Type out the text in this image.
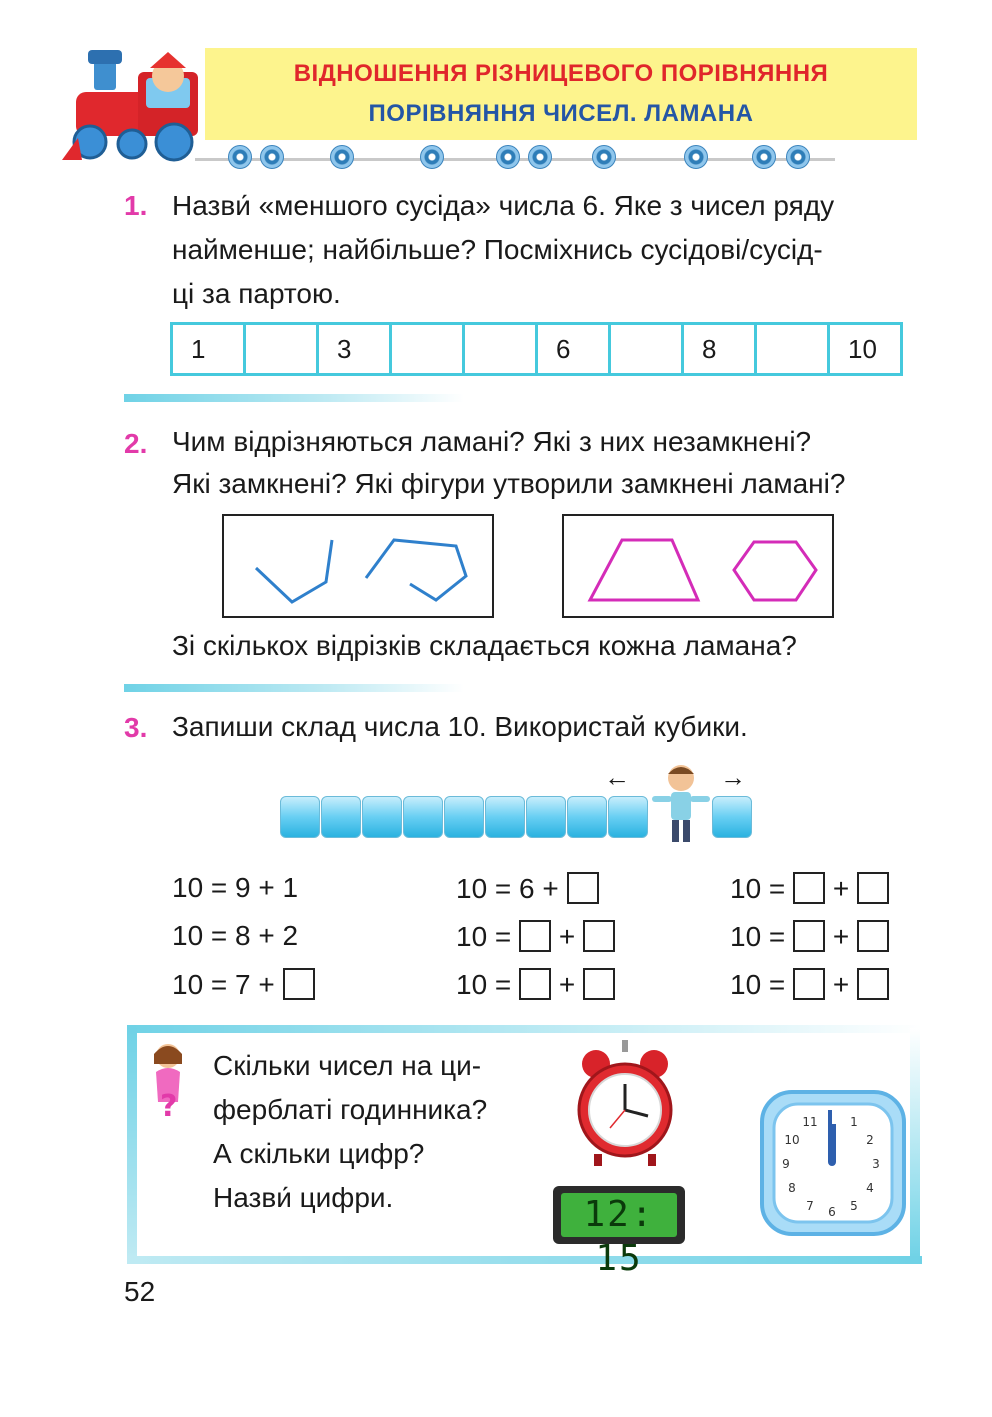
ВІДНОШЕННЯ РІЗНИЦЕВОГО ПОРІВНЯННЯ
ПОРІВНЯННЯ ЧИСЕЛ. ЛАМАНА
1. Назви́ «меншого сусіда» числа 6. Яке з чисел ряду
найменше; найбільше? Посміхнись сусідові/сусід-
ці за партою.
1		3			6		8		10
2. Чим відрізняються ламані? Які з них незамкнені?
Які замкнені? Які фігури утворили замкнені ламані?
Зі скількох відрізків складається кожна ламана?
3. Запиши склад числа 10. Використай кубики.
←	→
10 = 9 + 1
10 = 8 + 2
10 = 7 +
10 = 6 +
10 = +
10 = +
10 = +
10 = +
10 = +
?
Скільки чисел на ци-
ферблаті годинника?
А скільки цифр?
Назви́ цифри.	12: 15
1
2
3
4
5
6
7
8
9
10
11
52
